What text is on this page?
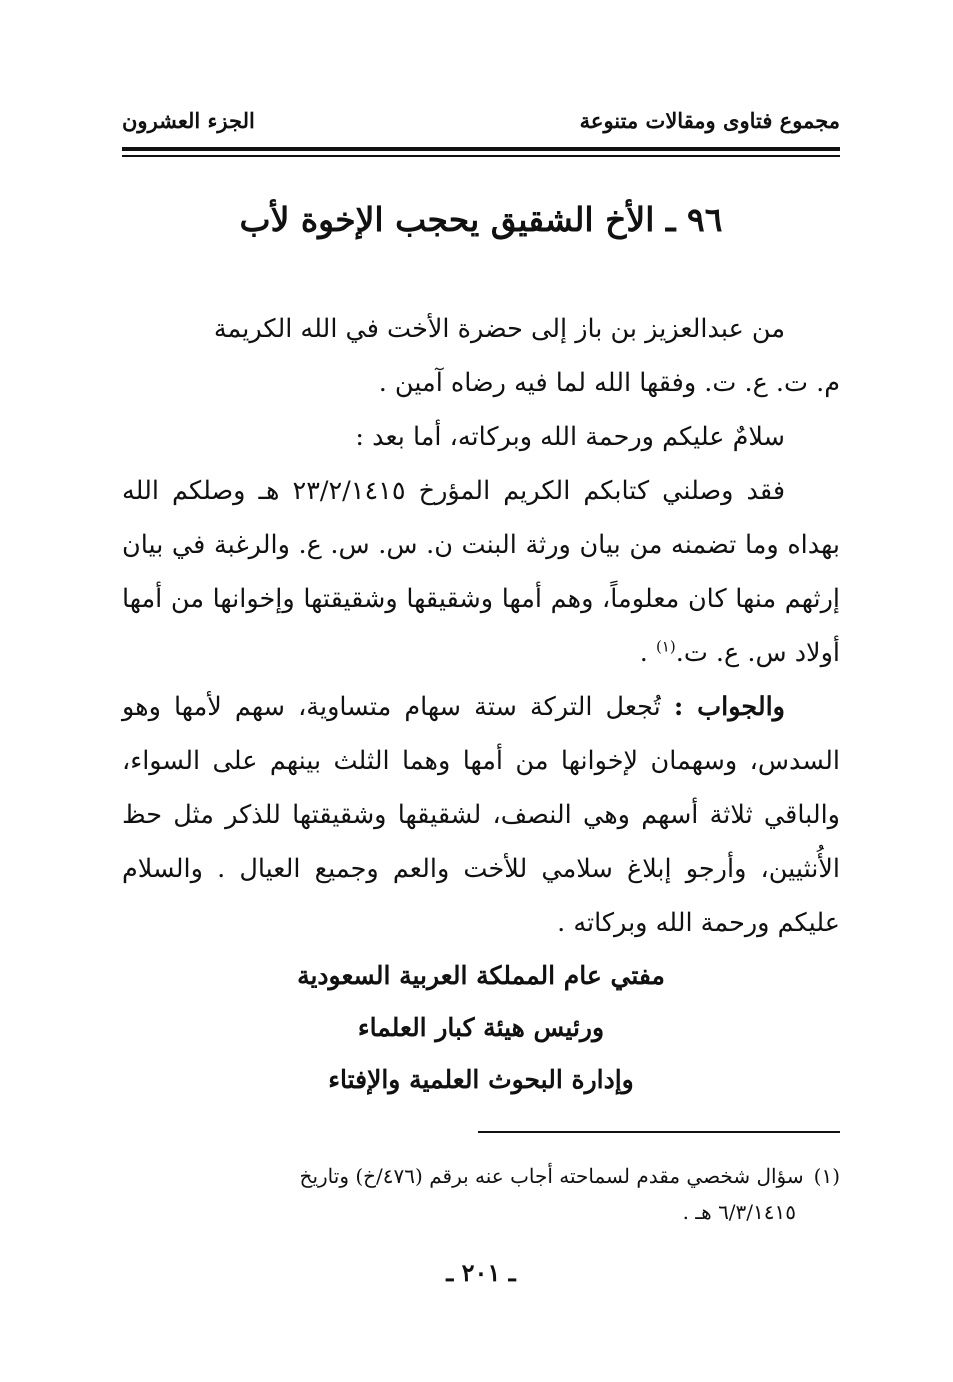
مجموع فتاوى ومقالات متنوعة
الجزء العشرون
٩٦ ـ الأخ الشقيق يحجب الإخوة لأب

من عبدالعزيز بن باز إلى حضرة الأخت في الله الكريمة

م. ت. ع. ت. وفقها الله لما فيه رضاه آمين .

سلامٌ عليكم ورحمة الله وبركاته، أما بعد :

فقد وصلني كتابكم الكريم المؤرخ ٢٣/٢/١٤١٥ هـ وصلكم الله بهداه وما تضمنه من بيان ورثة البنت ن. س. س. ع. والرغبة في بيان إرثهم منها كان معلوماً، وهم أمها وشقيقها وشقيقتها وإخوانها من أمها أولاد س. ع. ت.$^{(١)}$ .

والجواب : تُجعل التركة ستة سهام متساوية، سهم لأمها وهو السدس، وسهمان لإخوانها من أمها وهما الثلث بينهم على السواء، والباقي ثلاثة أسهم وهي النصف، لشقيقها وشقيقتها للذكر مثل حظ الأُنثيين، وأرجو إبلاغ سلامي للأخت والعم وجميع العيال . والسلام عليكم ورحمة الله وبركاته .

مفتي عام المملكة العربية السعودية
ورئيس هيئة كبار العلماء
وإدارة البحوث العلمية والإفتاء
(١)سؤال شخصي مقدم لسماحته أجاب عنه برقم (٤٧٦/خ) وتاريخ
٦/٣/١٤١٥ هـ .
ـ ٢٠١ ـ
